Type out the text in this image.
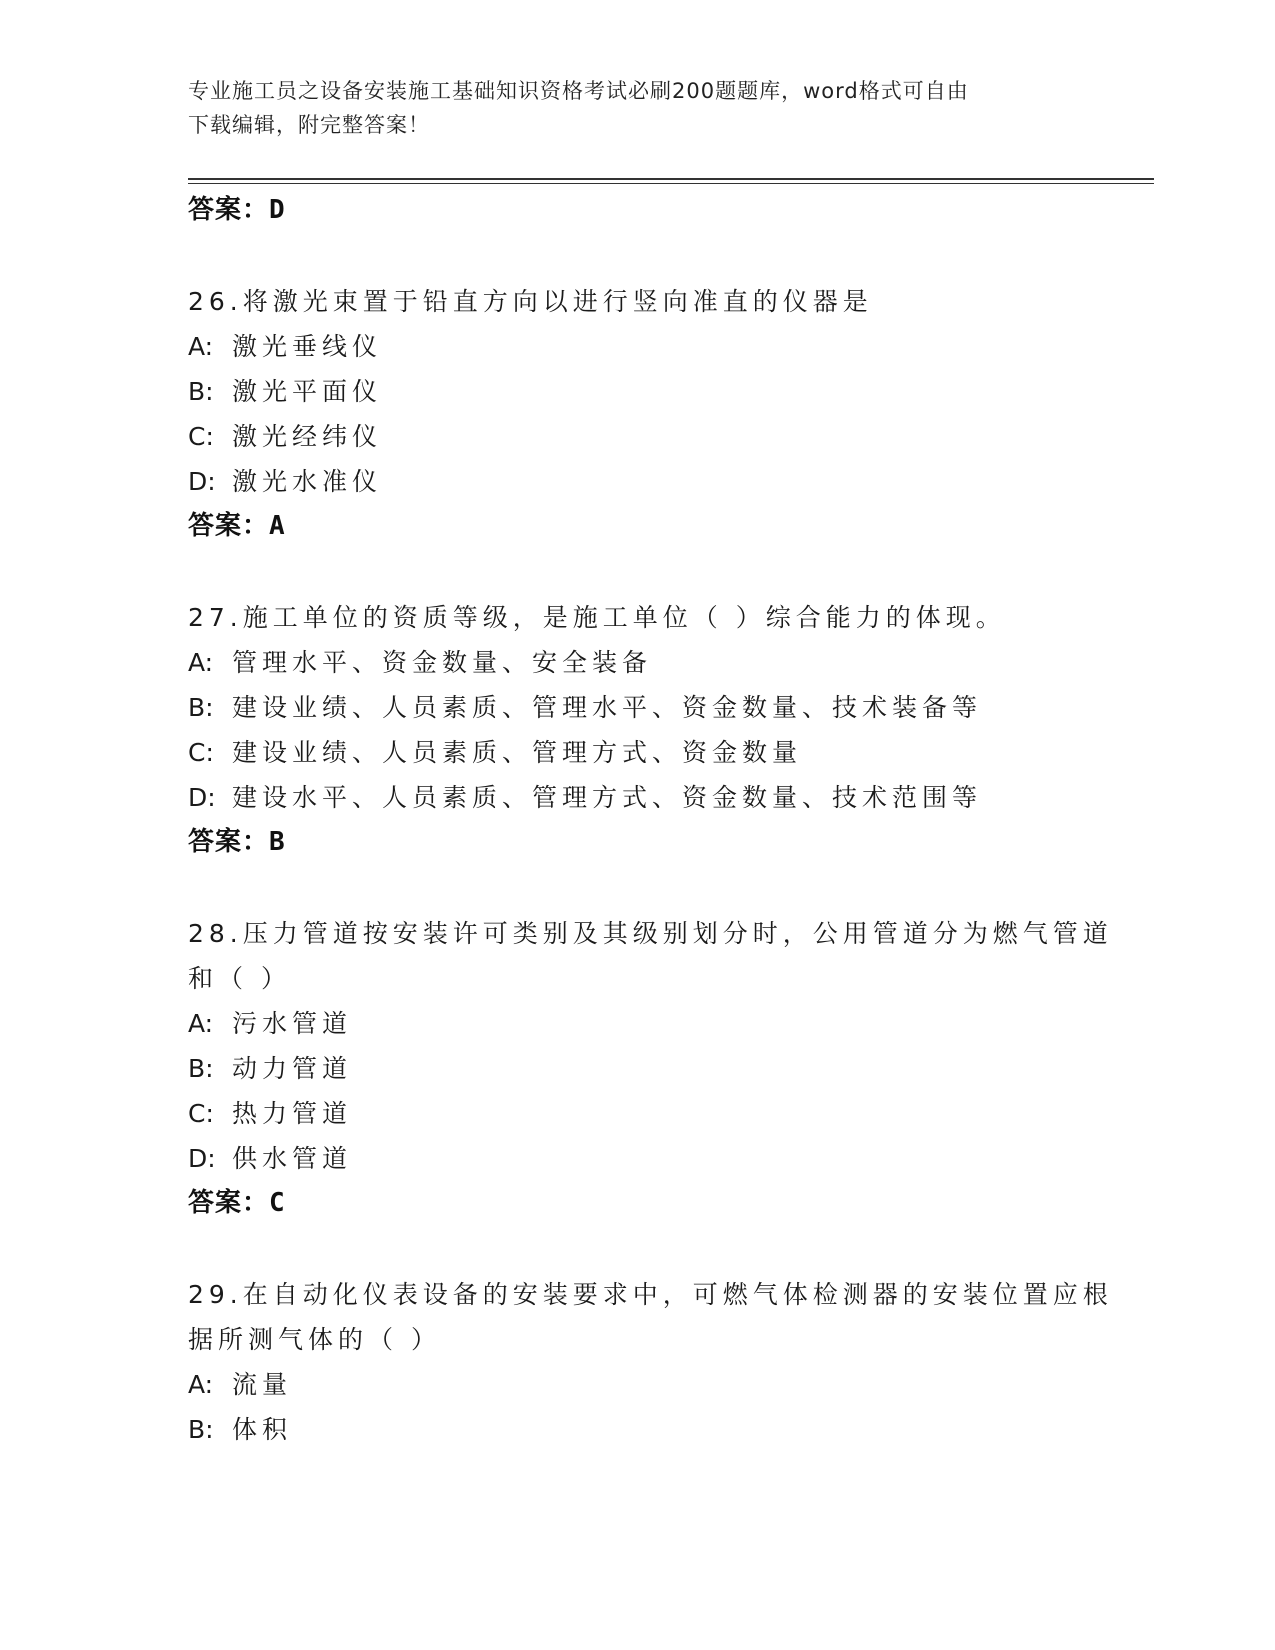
专业施工员之设备安装施工基础知识资格考试必刷200题题库，word格式可自由
下载编辑，附完整答案！
答案：D
26.将激光束置于铅直方向以进行竖向准直的仪器是
A: 激光垂线仪
B: 激光平面仪
C: 激光经纬仪
D: 激光水准仪
答案：A
27.施工单位的资质等级，是施工单位（ ）综合能力的体现。
A: 管理水平、资金数量、安全装备
B: 建设业绩、人员素质、管理水平、资金数量、技术装备等
C: 建设业绩、人员素质、管理方式、资金数量
D: 建设水平、人员素质、管理方式、资金数量、技术范围等
答案：B
28.压力管道按安装许可类别及其级别划分时，公用管道分为燃气管道
和（ ）
A: 污水管道
B: 动力管道
C: 热力管道
D: 供水管道
答案：C
29.在自动化仪表设备的安装要求中，可燃气体检测器的安装位置应根
据所测气体的（ ）
A: 流量
B: 体积
